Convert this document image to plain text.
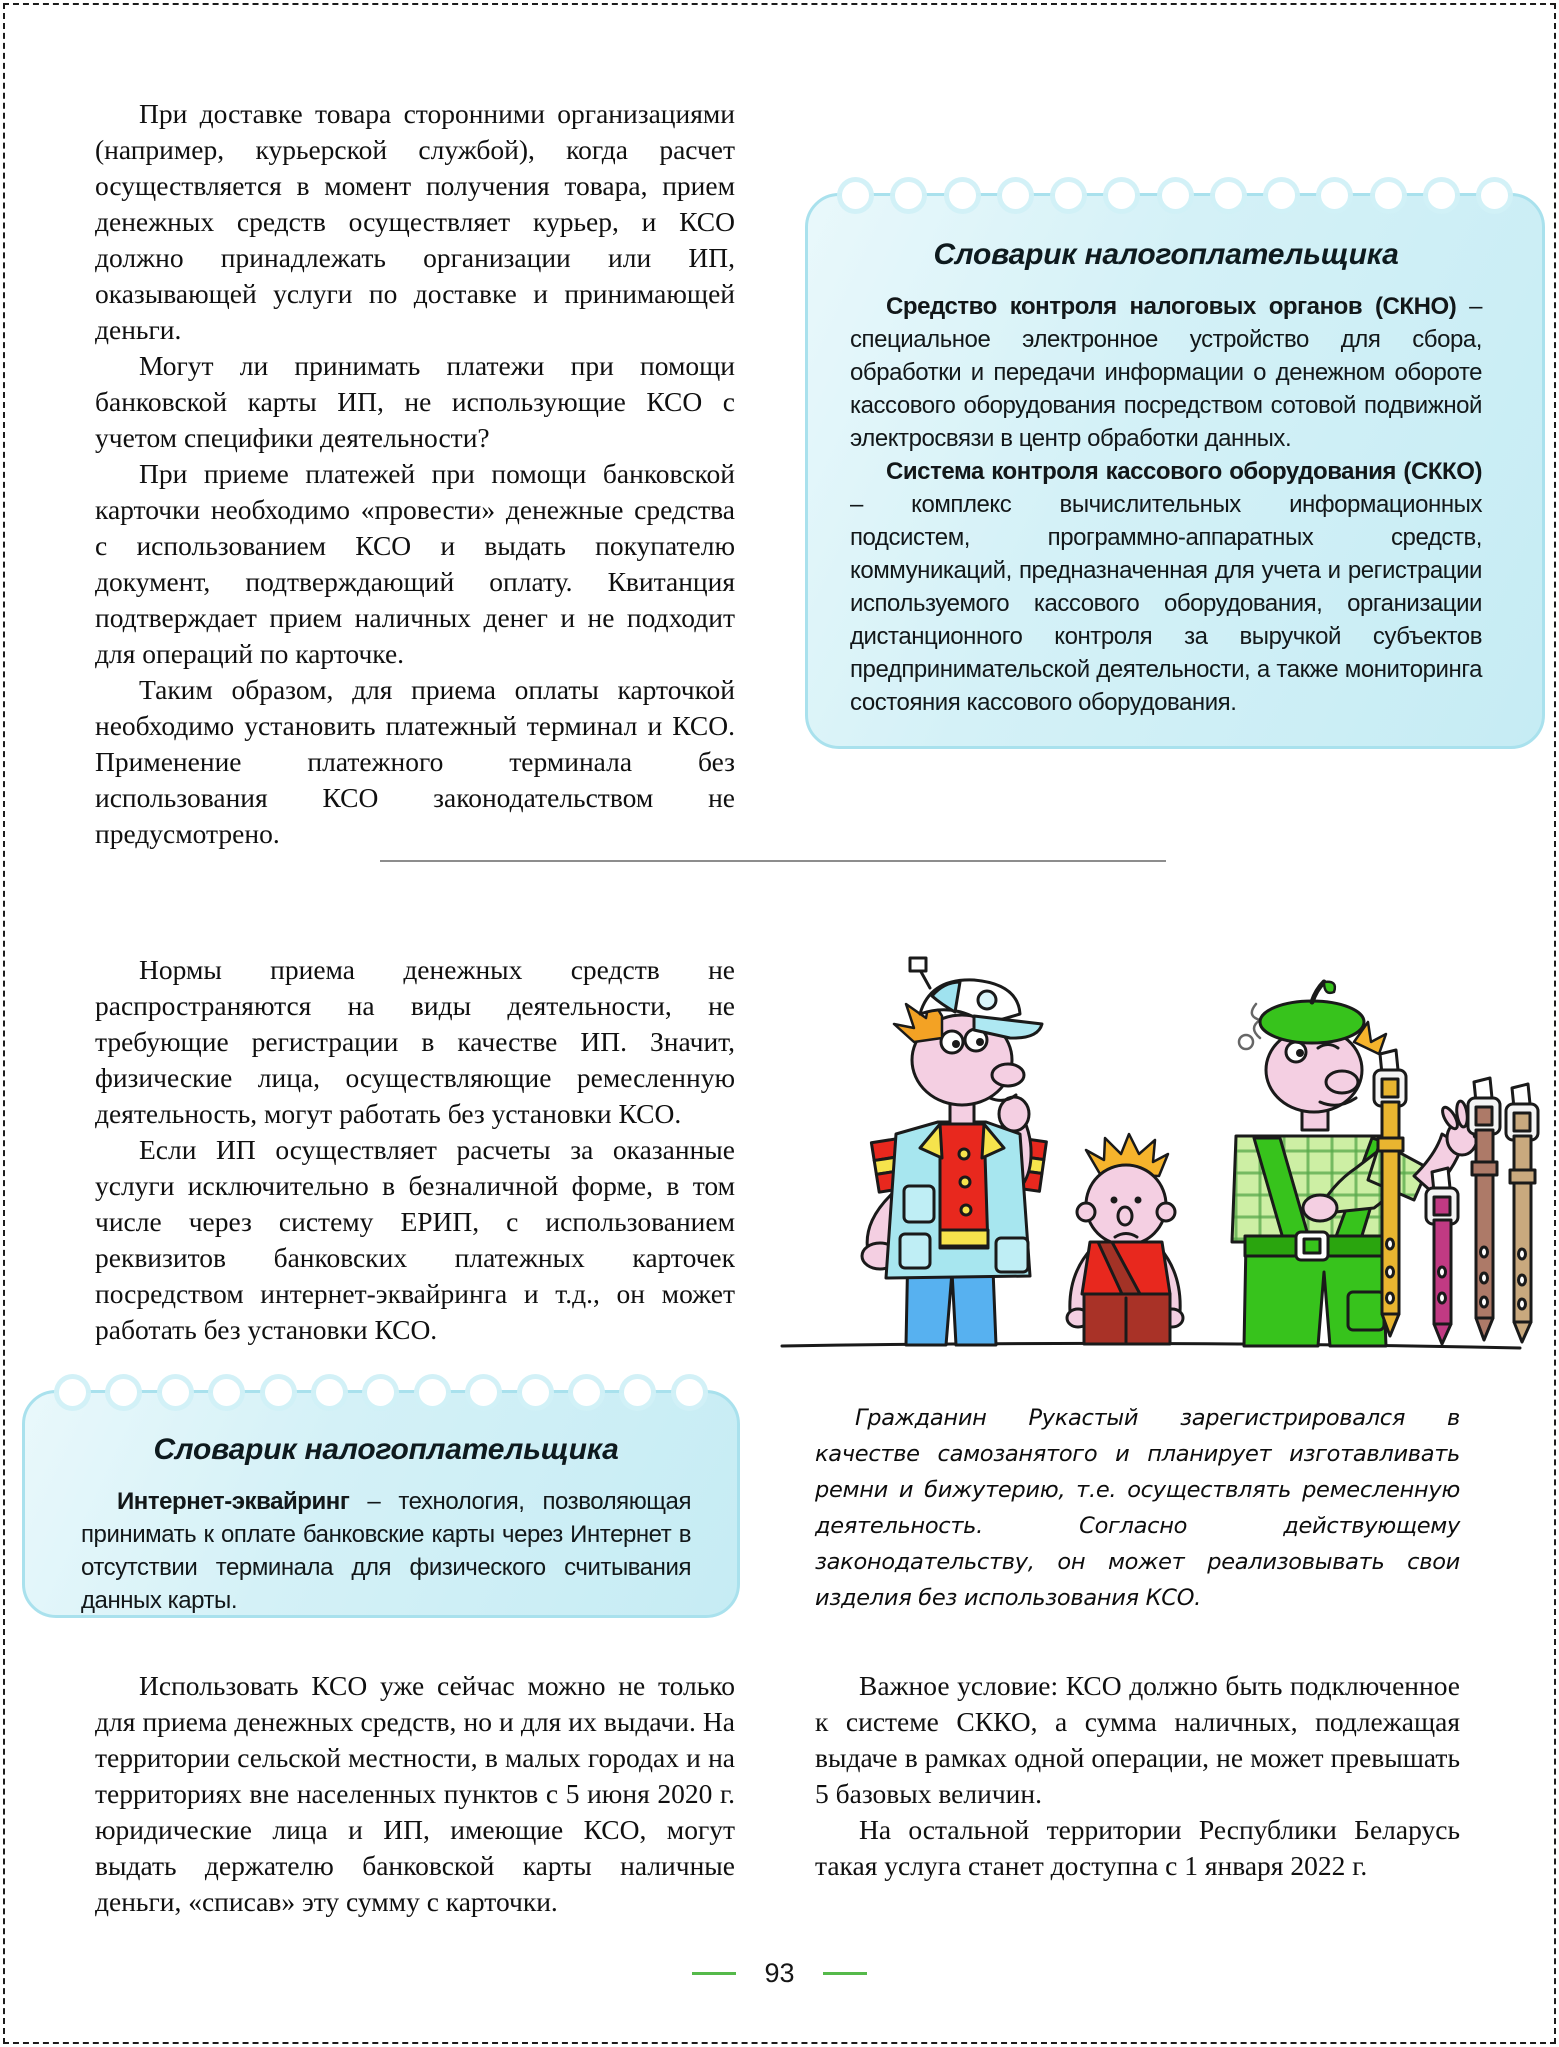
При доставке товара сторонними организациями (например, курьерской службой), когда расчет осуществляется в момент получения товара, прием денежных средств осуществляет курьер, и КСО должно принадлежать организации или ИП, оказывающей услуги по доставке и принимающей деньги.

Могут ли принимать платежи при помощи банковской карты ИП, не использующие КСО с учетом специфики деятельности?

При приеме платежей при помощи банковской карточки необходимо «провести» денежные средства с использованием КСО и выдать покупателю документ, подтверждающий оплату. Квитанция подтверждает прием наличных денег и не подходит для операций по карточке.

Таким образом, для приема оплаты карточкой необходимо установить платежный терминал и КСО. Применение платежного терминала без использования КСО законодательством не предусмотрено.

Словарик налогоплательщика

Средство контроля налоговых органов (СКНО) – специальное электронное устройство для сбора, обработки и передачи информации о денежном обороте кассового оборудования посредством сотовой подвижной электросвязи в центр обработки данных.

Система контроля кассового оборудования (СККО) – комплекс вычислительных информационных подсистем, программно-аппаратных средств, коммуникаций, предназначенная для учета и регистрации используемого кассового оборудования, организации дистанционного контроля за выручкой субъектов предпринимательской деятельности, а также мониторинга состояния кассового оборудования.

Нормы приема денежных средств не распространяются на виды деятельности, не требующие регистрации в качестве ИП. Значит, физические лица, осуществляющие ремесленную деятельность, могут работать без установки КСО.

Если ИП осуществляет расчеты за оказанные услуги исключительно в безналичной форме, в том числе через систему ЕРИП, с использованием реквизитов банковских платежных карточек посредством интернет-эквайринга и т.д., он может работать без установки КСО.

Гражданин Рукастый зарегистрировался в качестве самозанятого и планирует изготавливать ремни и бижутерию, т.е. осуществлять ремесленную деятельность. Согласно действующему законодательству, он может реализовывать свои изделия без использования КСО.

Словарик налогоплательщика

Интернет-эквайринг – технология, позволяющая принимать к оплате банковские карты через Интернет в отсутствии терминала для физического считывания данных карты.

Использовать КСО уже сейчас можно не только для приема денежных средств, но и для их выдачи. На территории сельской местности, в малых городах и на территориях вне населенных пунктов с 5 июня 2020 г. юридические лица и ИП, имеющие КСО, могут выдать держателю банковской карты наличные деньги, «списав» эту сумму с карточки.

Важное условие: КСО должно быть подключенное к системе СККО, а сумма наличных, подлежащая выдаче в рамках одной операции, не может превышать 5 базовых величин.

На остальной территории Республики Беларусь такая услуга станет доступна с 1 января 2022 г.

93
